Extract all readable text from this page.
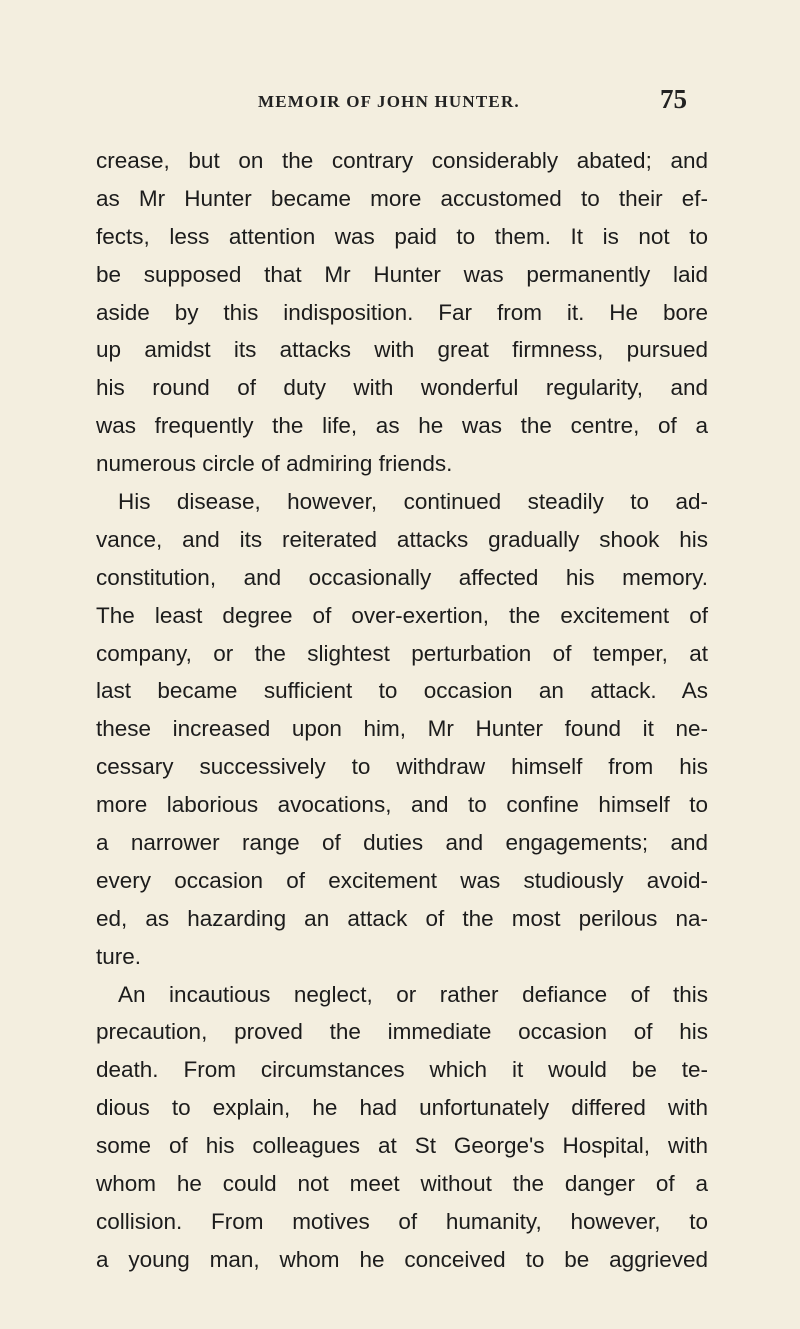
MEMOIR OF JOHN HUNTER.	75
crease, but on the contrary considerably abated; and
as Mr Hunter became more accustomed to their ef-
fects, less attention was paid to them. It is not to
be supposed that Mr Hunter was permanently laid
aside by this indisposition. Far from it. He bore
up amidst its attacks with great firmness, pursued
his round of duty with wonderful regularity, and
was frequently the life, as he was the centre, of a
numerous circle of admiring friends.
His disease, however, continued steadily to ad-
vance, and its reiterated attacks gradually shook his
constitution, and occasionally affected his memory.
The least degree of over-exertion, the excitement of
company, or the slightest perturbation of temper, at
last became sufficient to occasion an attack. As
these increased upon him, Mr Hunter found it ne-
cessary successively to withdraw himself from his
more laborious avocations, and to confine himself to
a narrower range of duties and engagements; and
every occasion of excitement was studiously avoid-
ed, as hazarding an attack of the most perilous na-
ture.
An incautious neglect, or rather defiance of this
precaution, proved the immediate occasion of his
death. From circumstances which it would be te-
dious to explain, he had unfortunately differed with
some of his colleagues at St George's Hospital, with
whom he could not meet without the danger of a
collision. From motives of humanity, however, to
a young man, whom he conceived to be aggrieved
